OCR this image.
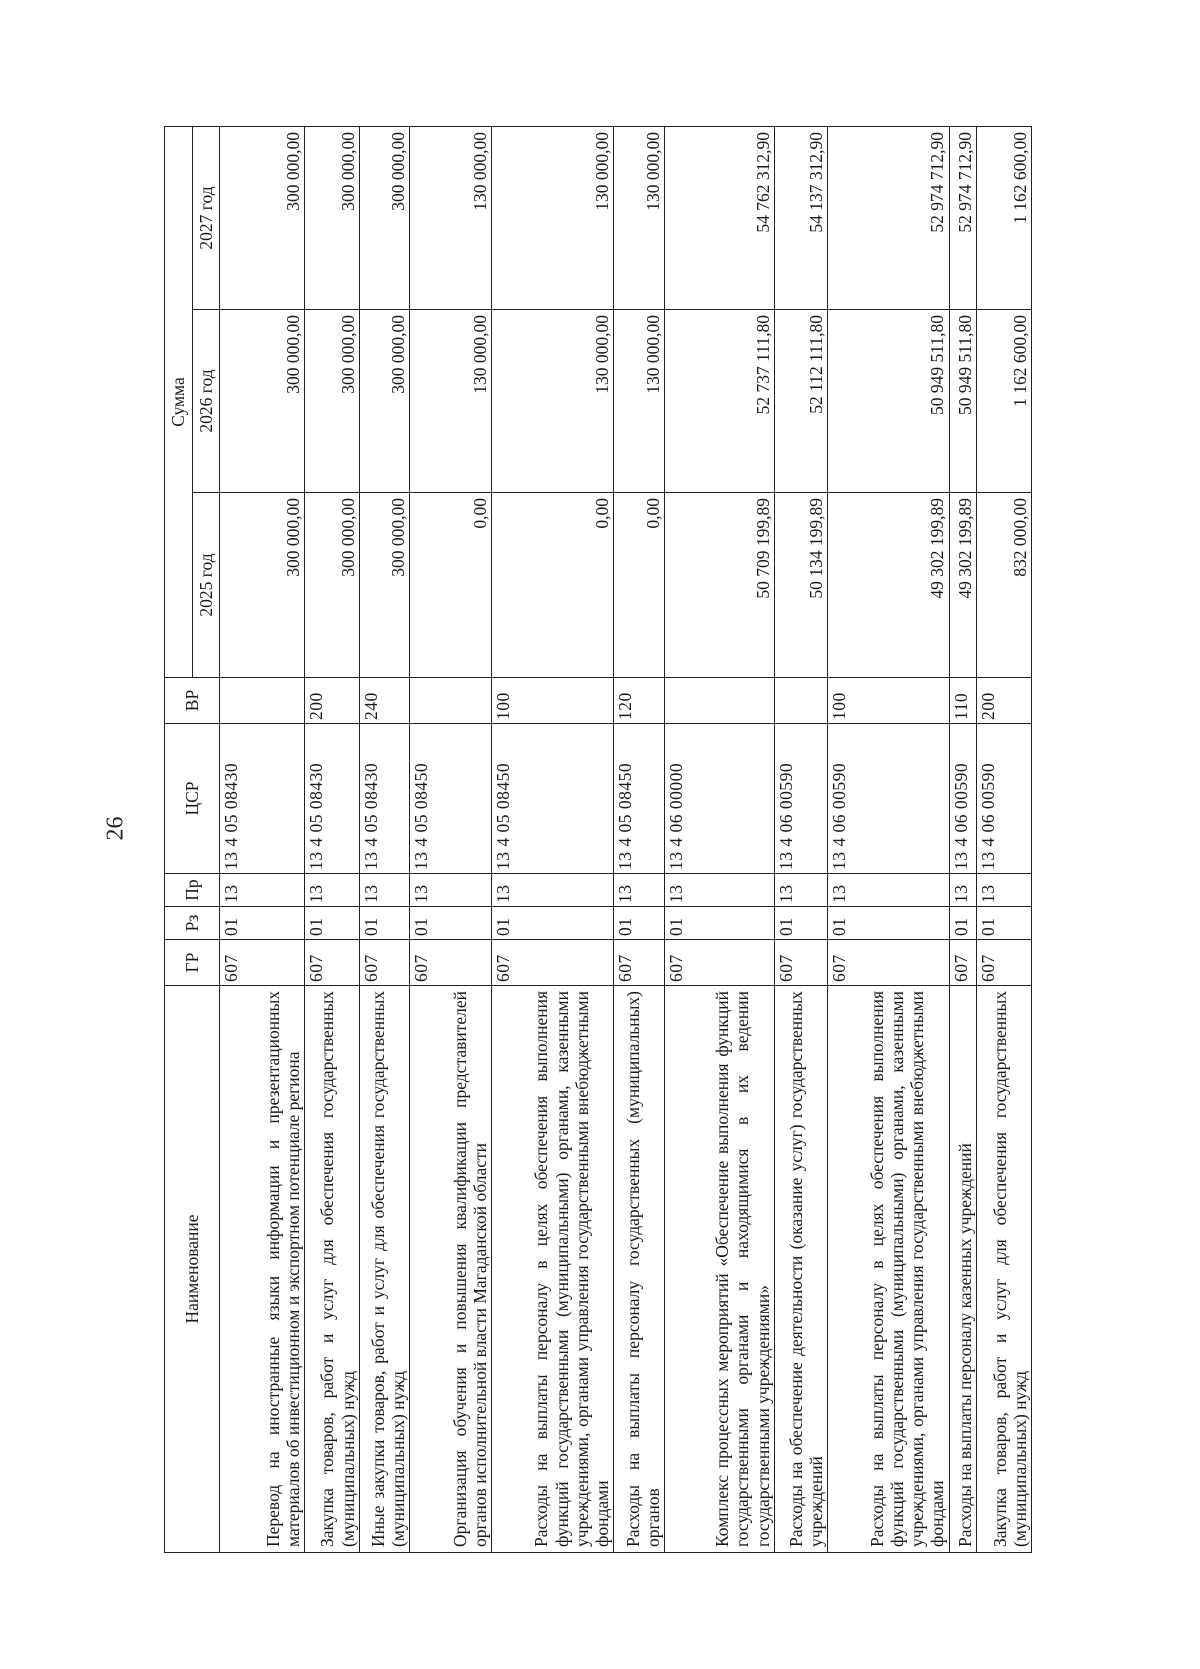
26
Наименование	ГР	Рз	Пр	ЦСР	ВР	Сумма		
						2025 год	2026 год	2027 год
Перевод на иностранные языки информации и презентационных материалов об инвестиционном и экспортном потенциале региона	607	01	13	13 4 05 08430		300 000,00	300 000,00	300 000,00
Закупка товаров, работ и услуг для обеспечения государственных (муниципальных) нужд	607	01	13	13 4 05 08430	200	300 000,00	300 000,00	300 000,00
Иные закупки товаров, работ и услуг для обеспечения государственных (муниципальных) нужд	607	01	13	13 4 05 08430	240	300 000,00	300 000,00	300 000,00
Организация обучения и повышения квалификации представителей органов исполнительной власти Магаданской области	607	01	13	13 4 05 08450		0,00	130 000,00	130 000,00
Расходы на выплаты персоналу в целях обеспечения выполнения функций государственными (муниципальными) органами, казенными учреждениями, органами управления государственными внебюджетными фондами	607	01	13	13 4 05 08450	100	0,00	130 000,00	130 000,00
Расходы на выплаты персоналу государственных (муниципальных) органов	607	01	13	13 4 05 08450	120	0,00	130 000,00	130 000,00
Комплекс процессных мероприятий «Обеспечение выполнения функций государственными органами и находящимися в их ведении государственными учреждениями»	607	01	13	13 4 06 00000		50 709 199,89	52 737 111,80	54 762 312,90
Расходы на обеспечение деятельности (оказание услуг) государственных учреждений	607	01	13	13 4 06 00590		50 134 199,89	52 112 111,80	54 137 312,90
Расходы на выплаты персоналу в целях обеспечения выполнения функций государственными (муниципальными) органами, казенными учреждениями, органами управления государственными внебюджетными фондами	607	01	13	13 4 06 00590	100	49 302 199,89	50 949 511,80	52 974 712,90
Расходы на выплаты персоналу казенных учреждений	607	01	13	13 4 06 00590	110	49 302 199,89	50 949 511,80	52 974 712,90
Закупка товаров, работ и услуг для обеспечения государственных (муниципальных) нужд	607	01	13	13 4 06 00590	200	832 000,00	1 162 600,00	1 162 600,00
